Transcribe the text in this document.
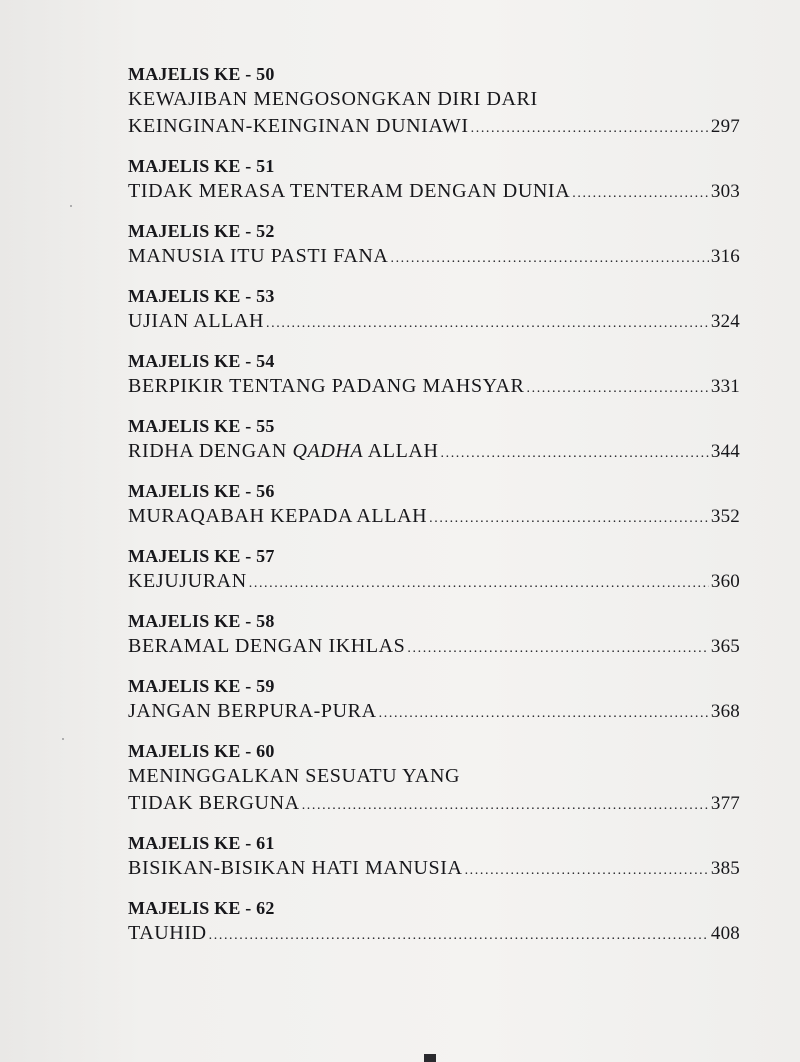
MAJELIS KE - 50
KEWAJIBAN MENGOSONGKAN DIRI DARI
KEINGINAN-KEINGINAN DUNIAWI .....	297
MAJELIS KE - 51
TIDAK MERASA TENTERAM DENGAN DUNIA .....	303
MAJELIS KE - 52
MANUSIA ITU PASTI FANA .....	316
MAJELIS KE - 53
UJIAN ALLAH .....	324
MAJELIS KE - 54
BERPIKIR TENTANG PADANG MAHSYAR .....	331
MAJELIS KE - 55
RIDHA DENGAN QADHA ALLAH .....	344
MAJELIS KE - 56
MURAQABAH KEPADA ALLAH .....	352
MAJELIS KE - 57
KEJUJURAN .....	360
MAJELIS KE - 58
BERAMAL DENGAN IKHLAS .....	365
MAJELIS KE - 59
JANGAN BERPURA-PURA .....	368
MAJELIS KE - 60
MENINGGALKAN SESUATU YANG
TIDAK BERGUNA .....	377
MAJELIS KE - 61
BISIKAN-BISIKAN HATI MANUSIA .....	385
MAJELIS KE - 62
TAUHID .....	408
